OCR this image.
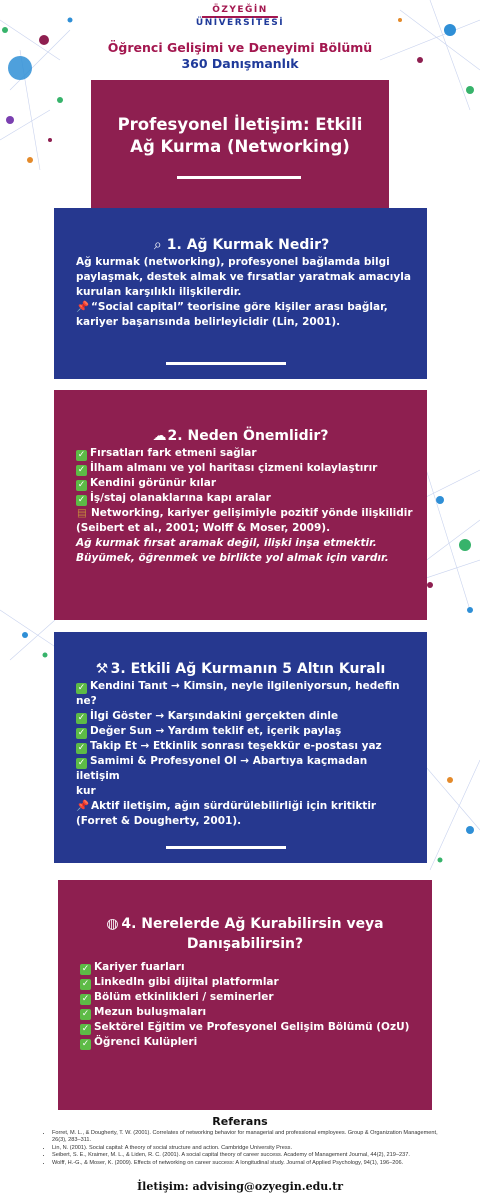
ÖZYEĞİN
ÜNİVERSİTESİ
Öğrenci Gelişimi ve Deneyimi Bölümü
360 Danışmanlık
Profesyonel İletişim: Etkili
Ağ Kurma (Networking)
⌕ 1. Ağ Kurmak Nedir?
Ağ kurmak (networking), profesyonel bağlamda bilgi
paylaşmak, destek almak ve fırsatlar yaratmak amacıyla
kurulan karşılıklı ilişkilerdir.
📌 “Social capital” teorisine göre kişiler arası bağlar,
kariyer başarısında belirleyicidir (Lin, 2001).
☁2. Neden Önemlidir?
✓ Fırsatları fark etmeni sağlar
✓ İlham almanı ve yol haritası çizmeni kolaylaştırır
✓ Kendini görünür kılar
✓ İş/staj olanaklarına kapı aralar
▤ Networking, kariyer gelişimiyle pozitif yönde ilişkilidir
(Seibert et al., 2001; Wolff & Moser, 2009).
Ağ kurmak fırsat aramak değil, ilişki inşa etmektir.
Büyümek, öğrenmek ve birlikte yol almak için vardır.
⚒ 3. Etkili Ağ Kurmanın 5 Altın Kuralı
✓ Kendini Tanıt → Kimsin, neyle ilgileniyorsun, hedefin
ne?
✓ İlgi Göster → Karşındakini gerçekten dinle
✓ Değer Sun → Yardım teklif et, içerik paylaş
✓ Takip Et → Etkinlik sonrası teşekkür e-postası yaz
✓ Samimi & Profesyonel Ol → Abartıya kaçmadan iletişim
kur
📌 Aktif iletişim, ağın sürdürülebilirliği için kritiktir
(Forret & Dougherty, 2001).
◍ 4. Nerelerde Ağ Kurabilirsin veya
Danışabilirsin?
✓ Kariyer fuarları
✓ LinkedIn gibi dijital platformlar
✓ Bölüm etkinlikleri / seminerler
✓ Mezun buluşmaları
✓ Sektörel Eğitim ve Profesyonel Gelişim Bölümü (OzU)
✓ Öğrenci Kulüpleri
Referans
• Forret, M. L., & Dougherty, T. W. (2001). Correlates of networking behavior for managerial and professional employees. Group & Organization Management, 26(3), 283–311.
• Lin, N. (2001). Social capital: A theory of social structure and action. Cambridge University Press.
• Seibert, S. E., Kraimer, M. L., & Liden, R. C. (2001). A social capital theory of career success. Academy of Management Journal, 44(2), 219–237.
• Wolff, H.-G., & Moser, K. (2009). Effects of networking on career success: A longitudinal study. Journal of Applied Psychology, 94(1), 196–206.
İletişim: advising@ozyegin.edu.tr
